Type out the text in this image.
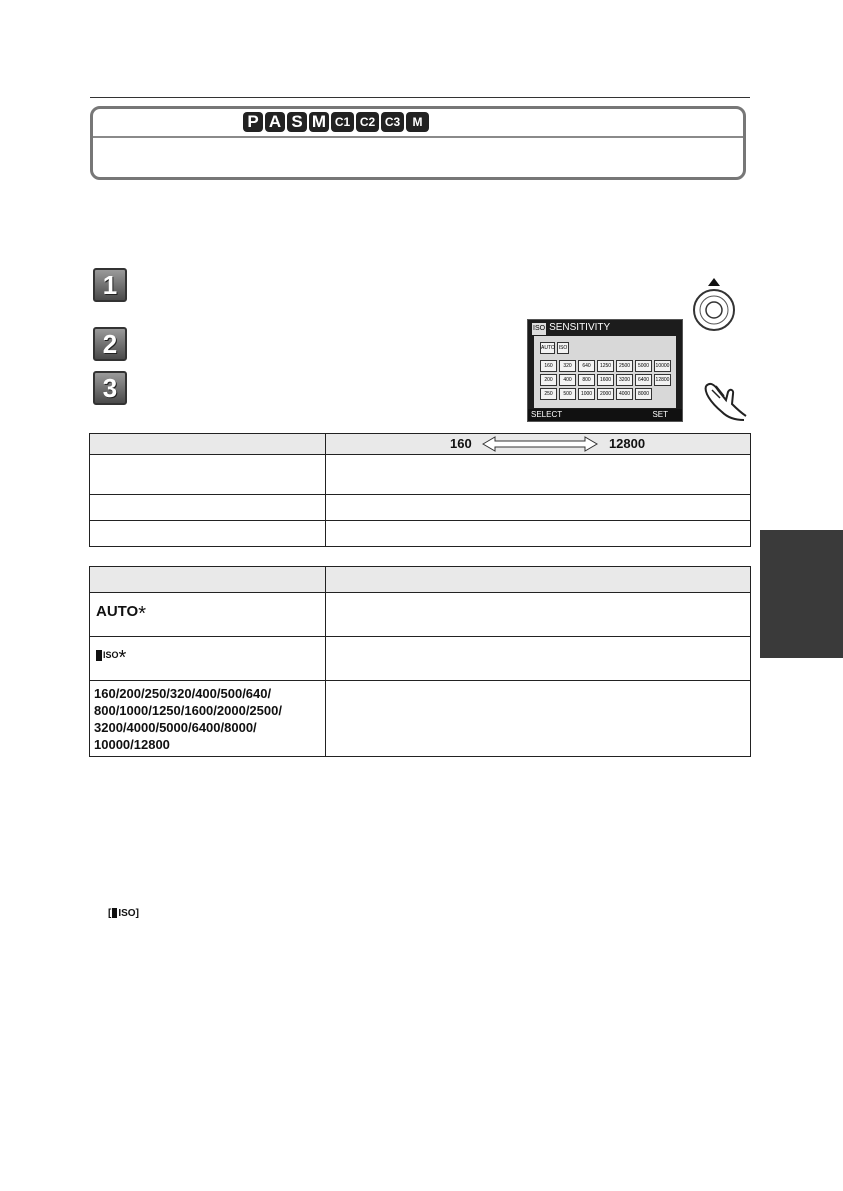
P A S M C1 C2 C3	M
1
2
3
ISO SENSITIVITY
AUTO ISO
160	320	640	1250	2500	5000	10000
200	400	800	1600	3200	6400	12800
250	500	1000	2000	4000	8000
SELECT	SET
	160 12800

AUTO*	
ISO*	
160/200/250/320/400/500/640/ 800/1000/1250/1600/2000/2500/ 3200/4000/5000/6400/8000/ 10000/12800	
[ ISO]
